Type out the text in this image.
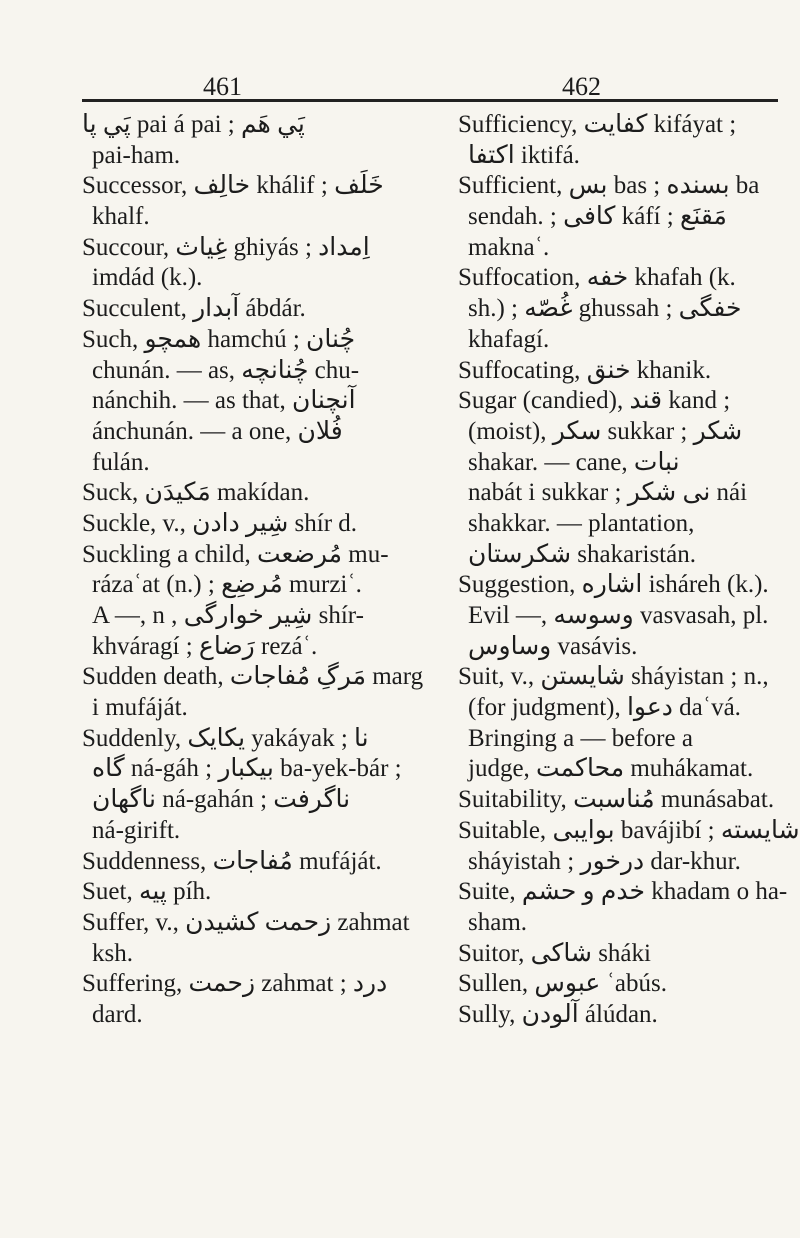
461	462
پَي پا pai á pai ; پَي هَم
pai-ham.
Successor, خالِف khálif ; خَلَف
khalf.
Succour, غِياث ghiyás ; اِمداد
imdád (k.).
Succulent, آبدار ábdár.
Such, همچو hamchú ; چُنان
chunán. — as, چُنانچه chu-
nánchih. — as that, آنچنان
ánchunán. — a one, فُلان
fulán.
Suck, مَکیدَن makídan.
Suckle, v., شِیر دادن shír d.
Suckling a child, مُرضعت mu-
rázaʿat (n.) ; مُرضِع murziʿ.
A —, n , شِیر خوارگی shír-
khváragí ; رَضاع rezáʿ.
Sudden death, مَرگِ مُفاجات marg
i mufáját.
Suddenly, یکایک yakáyak ; نا
گاه ná-gáh ; بیکبار ba-yek-bár ;
ناگهان ná-gahán ; ناگرفت
ná-girift.
Suddenness, مُفاجات mufáját.
Suet, پیه píh.
Suffer, v., زحمت کشیدن zahmat
ksh.
Suffering, زحمت zahmat ; درد
dard.
Sufficiency, کفایت kifáyat ;
اکتفا iktifá.
Sufficient, بس bas ; بسنده ba
sendah. ; کافی káfí ; مَقنَع
maknaʿ.
Suffocation, خفه khafah (k.
sh.) ; غُصّه ghussah ; خفگی
khafagí.
Suffocating, خنق khanik.
Sugar (candied), قند kand ;
(moist), سکر sukkar ; شکر
shakar. — cane, نبات
nabát i sukkar ; نی شکر nái
shakkar. — plantation,
شکرستان shakaristán.
Suggestion, اشاره isháreh (k.).
Evil —, وسوسه vasvasah, pl.
وساوس vasávis.
Suit, v., شایستن sháyistan ; n.,
(for judgment), دعوا daʿvá.
Bringing a — before a
judge, محاکمت muhákamat.
Suitability, مُناسبت munásabat.
Suitable, بوایبی bavájibí ; شایسته
sháyistah ; درخور dar-khur.
Suite, خدم و حشم khadam o ha-
sham.
Suitor, شاکی sháki
Sullen, عبوس ʿabús.
Sully, آلودن álúdan.
